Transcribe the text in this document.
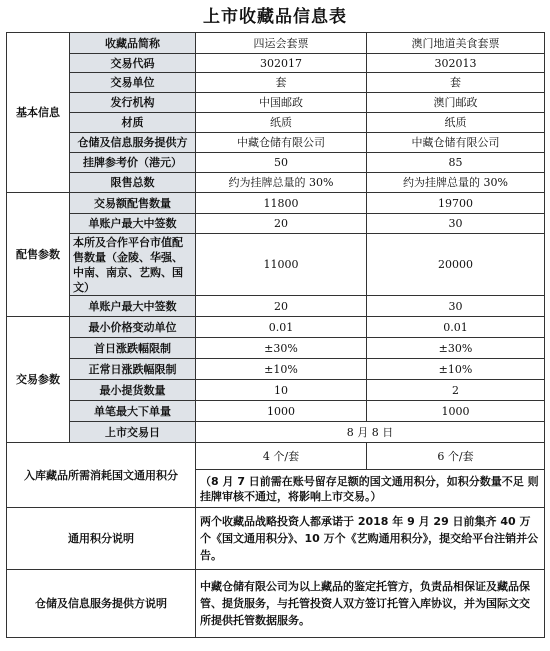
上市收藏品信息表
基本信息	收藏品简称	四运会套票	澳门地道美食套票
	交易代码	302017	302013
	交易单位	套	套
	发行机构	中国邮政	澳门邮政
	材质	纸质	纸质
	仓储及信息服务提供方	中藏仓储有限公司	中藏仓储有限公司
	挂牌参考价（港元）	50	85
	限售总数	约为挂牌总量的 30%	约为挂牌总量的 30%
配售参数	交易额配售数量	11800	19700
	单账户最大中签数	20	30
	本所及合作平台市值配售数量（金陵、华强、中南、南京、艺购、国文）	11000	20000
	单账户最大中签数	20	30
交易参数	最小价格变动单位	0.01	0.01
	首日涨跌幅限制	±30%	±30%
	正常日涨跌幅限制	±10%	±10%
	最小提货数量	10	2
	单笔最大下单量	1000	1000
	上市交易日	8 月 8 日	
入库藏品所需消耗国文通用积分		4 个/套	6 个/套
		（8 月 7 日前需在账号留存足额的国文通用积分，如积分数量不足 则挂牌审核不通过，将影响上市交易。）	
通用积分说明		两个收藏品战略投资人都承诺于 2018 年 9 月 29 日前集齐 40 万个《国文通用积分》、10 万个《艺购通用积分》，提交给平台注销并公告。	
仓储及信息服务提供方说明		中藏仓储有限公司为以上藏品的鉴定托管方，负责品相保证及藏品保管、提货服务，与托管投资人双方签订托管入库协议，并为国际文交所提供托管数据服务。	
